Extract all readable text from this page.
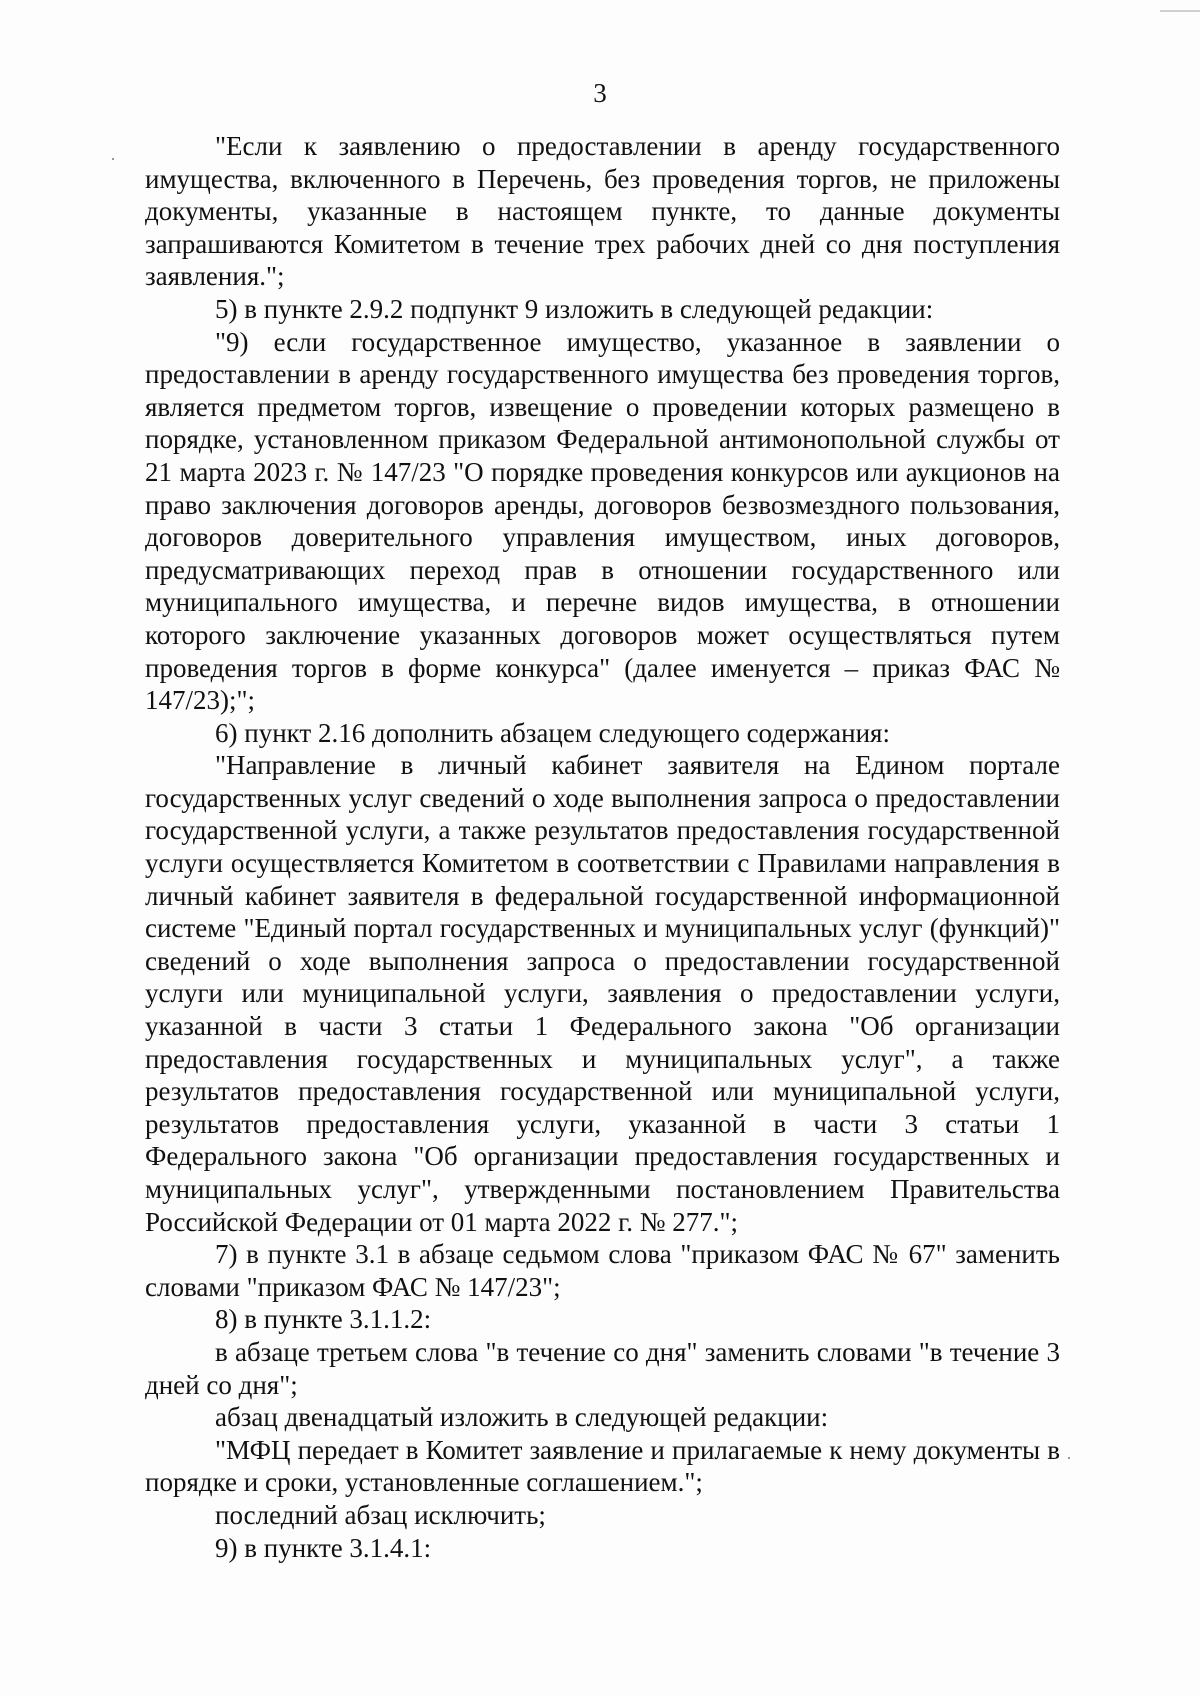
3

"Если к заявлению о предоставлении в аренду государственного имущества, включенного в Перечень, без проведения торгов, не приложены документы, указанные в настоящем пункте, то данные документы запрашиваются Комитетом в течение трех рабочих дней со дня поступления заявления.";

5) в пункте 2.9.2 подпункт 9 изложить в следующей редакции:

"9) если государственное имущество, указанное в заявлении о предоставлении в аренду государственного имущества без проведения торгов, является предметом торгов, извещение о проведении которых размещено в порядке, установленном приказом Федеральной антимонопольной службы от 21 марта 2023 г. № 147/23 "О порядке проведения конкурсов или аукционов на право заключения договоров аренды, договоров безвозмездного пользования, договоров доверительного управления имуществом, иных договоров, предусматривающих переход прав в отношении государственного или муниципального имущества, и перечне видов имущества, в отношении которого заключение указанных договоров может осуществляться путем проведения торгов в форме конкурса" (далее именуется – приказ ФАС № 147/23);";

6) пункт 2.16 дополнить абзацем следующего содержания:

"Направление в личный кабинет заявителя на Едином портале государственных услуг сведений о ходе выполнения запроса о предоставлении государственной услуги, а также результатов предоставления государственной услуги осуществляется Комитетом в соответствии с Правилами направления в личный кабинет заявителя в федеральной государственной информационной системе "Единый портал государственных и муниципальных услуг (функций)" сведений о ходе выполнения запроса о предоставлении государственной услуги или муниципальной услуги, заявления о предоставлении услуги, указанной в части 3 статьи 1 Федерального закона "Об организации предоставления государственных и муниципальных услуг", а также результатов предоставления государственной или муниципальной услуги, результатов предоставления услуги, указанной в части 3 статьи 1 Федерального закона "Об организации предоставления государственных и муниципальных услуг", утвержденными постановлением Правительства Российской Федерации от 01 марта 2022 г. № 277.";

7) в пункте 3.1 в абзаце седьмом слова "приказом ФАС № 67" заменить словами "приказом ФАС № 147/23";

8) в пункте 3.1.1.2:

в абзаце третьем слова "в течение со дня" заменить словами "в течение 3 дней со дня";

абзац двенадцатый изложить в следующей редакции:

"МФЦ передает в Комитет заявление и прилагаемые к нему документы в порядке и сроки, установленные соглашением.";

последний абзац исключить;

9) в пункте 3.1.4.1:
